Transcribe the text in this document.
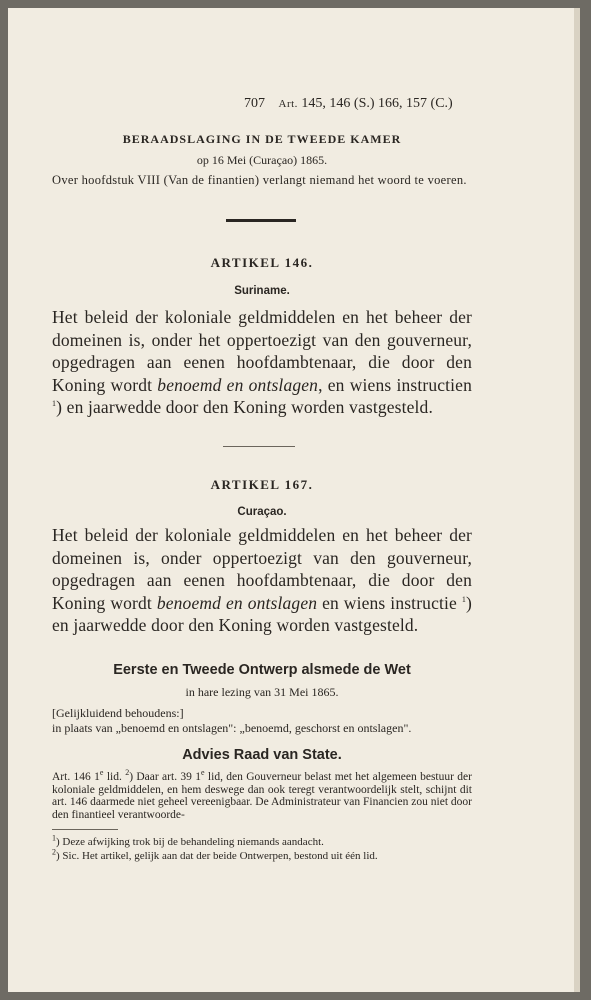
707 Art. 145, 146 (S.) 166, 157 (C.)
BERAADSLAGING IN DE TWEEDE KAMER
op 16 Mei (Curaçao) 1865.
Over hoofdstuk VIII (Van de finantien) verlangt niemand het woord te voeren.
ARTIKEL 146.
Suriname.
Het beleid der koloniale geldmiddelen en het beheer der domeinen is, onder het oppertoezigt van den gouverneur, opgedragen aan eenen hoofdambtenaar, die door den Koning wordt benoemd en ontslagen, en wiens instructien $^1$) en jaarwedde door den Koning worden vastgesteld.
ARTIKEL 167.
Curaçao.
Het beleid der koloniale geldmiddelen en het beheer der domeinen is, onder oppertoezigt van den gouverneur, opgedragen aan eenen hoofdambtenaar, die door den Koning wordt benoemd en ontslagen en wiens instructie $^1$) en jaarwedde door den Koning worden vastgesteld.
Eerste en Tweede Ontwerp alsmede de Wet
in hare lezing van 31 Mei 1865.
[Gelijkluidend behoudens:]
in plaats van „benoemd en ontslagen": „benoemd, geschorst en ontslagen".
Advies Raad van State.
Art. 146 1e lid. $^2$) Daar art. 39 1e lid, den Gouverneur belast met het algemeen bestuur der koloniale geldmiddelen, en hem deswege dan ook teregt verantwoordelijk stelt, schijnt dit art. 146 daarmede niet geheel vereenigbaar. De Administrateur van Financien zou niet door den finantieel verantwoorde-
$^1$) Deze afwijking trok bij de behandeling niemands aandacht.
$^2$) Sic. Het artikel, gelijk aan dat der beide Ontwerpen, bestond uit één lid.
